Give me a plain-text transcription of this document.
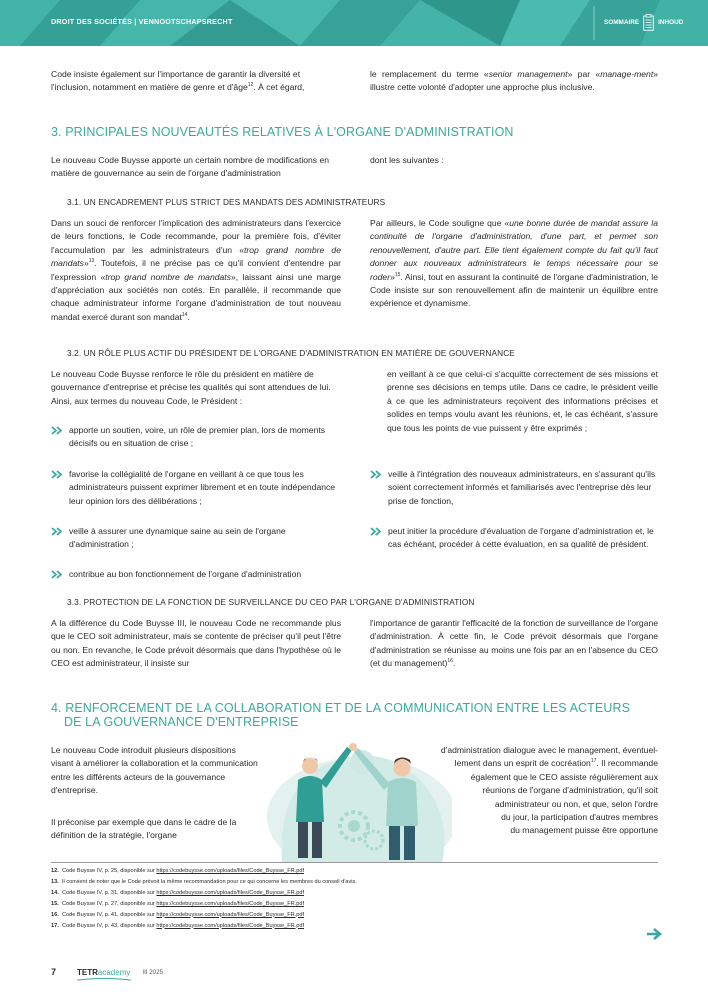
DROIT DES SOCIÉTÉS | VENNOOTSCHAPSRECHT	SOMMAIRE	INHOUD
Code insiste également sur l'importance de garantir la diversité et l'inclusion, notamment en matière de genre et d'âge$^{12}$. À cet égard,
le remplacement du terme «senior management» par «manage-ment» illustre cette volonté d'adopter une approche plus inclusive.
3. PRINCIPALES NOUVEAUTÉS RELATIVES À L'ORGANE D'ADMINISTRATION
Le nouveau Code Buysse apporte un certain nombre de modifications en matière de gouvernance au sein de l'organe d'administration
dont les suivantes :
3.1. UN ENCADREMENT PLUS STRICT DES MANDATS DES ADMINISTRATEURS
Dans un souci de renforcer l'implication des administrateurs dans l'exercice de leurs fonctions, le Code recommande, pour la première fois, d'éviter l'accumulation par les administrateurs d'un «trop grand nombre de mandats»$^{13}$. Toutefois, il ne précise pas ce qu'il convient d'entendre par l'expression «trop grand nombre de mandats», laissant ainsi une marge d'appréciation aux sociétés non cotés. En parallèle, il recommande que chaque administrateur informe l'organe d'administration de tout nouveau mandat exercé durant son mandat$^{14}$.
Par ailleurs, le Code souligne que «une bonne durée de mandat assure la continuité de l'organe d'administration, d'une part, et permet son renouvellement, d'autre part. Elle tient également compte du fait qu'il faut donner aux nouveaux administrateurs le temps nécessaire pour se roder»$^{15}$. Ainsi, tout en assurant la continuité de l'organe d'administration, le Code insiste sur son renouvellement afin de maintenir un équilibre entre expérience et dynamisme.
3.2. UN RÔLE PLUS ACTIF DU PRÉSIDENT DE L'ORGANE D'ADMINISTRATION EN MATIÈRE DE GOUVERNANCE
Le nouveau Code Buysse renforce le rôle du président en matière de gouvernance d'entreprise et précise les qualités qui sont attendues de lui. Ainsi, aux termes du nouveau Code, le Président :
apporte un soutien, voire, un rôle de premier plan, lors de moments décisifs ou en situation de crise ;
favorise la collégialité de l'organe en veillant à ce que tous les administrateurs puissent exprimer librement et en toute indépendance leur opinion lors des délibérations ;
veille à assurer une dynamique saine au sein de l'organe d'administration ;
contribue au bon fonctionnement de l'organe d'administration
en veillant à ce que celui-ci s'acquitte correctement de ses missions et prenne ses décisions en temps utile. Dans ce cadre, le président veille à ce que les administrateurs reçoivent des informations précises et solides en temps voulu avant les réunions, et, le cas échéant, s'assure que tous les points de vue puissent y être exprimés ;
veille à l'intégration des nouveaux administrateurs, en s'assurant qu'ils soient correctement informés et familiarisés avec l'entreprise dès leur prise de fonction,
peut initier la procédure d'évaluation de l'organe d'administration et, le cas échéant, procéder à cette évaluation, en sa qualité de président.
3.3. PROTECTION DE LA FONCTION DE SURVEILLANCE DU CEO PAR L'ORGANE D'ADMINISTRATION
A la différence du Code Buysse III, le nouveau Code ne recommande plus que le CEO soit administrateur, mais se contente de préciser qu'il peut l'être ou non. En revanche, le Code prévoit désormais que dans l'hypothèse où le CEO est administrateur, il insiste sur
l'importance de garantir l'efficacité de la fonction de surveillance de l'organe d'administration. À cette fin, le Code prévoit désormais que l'organe d'administration se réunisse au moins une fois par an en l'absence du CEO (et du management)$^{16}$.
4. RENFORCEMENT DE LA COLLABORATION ET DE LA COMMUNICATION ENTRE LES ACTEURS
DE LA GOUVERNANCE D'ENTREPRISE
Le nouveau Code introduit plusieurs dispositions visant à améliorer la collaboration et la communication entre les différents acteurs de la gouvernance d'entreprise.
Il préconise par exemple que dans le cadre de la définition de la stratégie, l'organe
d'administration dialogue avec le management, éventuel-
lement dans un esprit de cocréation$^{17}$. Il recommande
également que le CEO assiste régulièrement aux
réunions de l'organe d'administration, qu'il soit
administrateur ou non, et que, selon l'ordre
du jour, la participation d'autres membres
du management puisse être opportune
12. Code Buysse IV, p. 25, disponible sur https://codebuysse.com/uploads/files/Code_Buysse_FR.pdf
13. Il convient de noter que le Code prévoit la même recommandation pour ce qui concerne les membres du conseil d'avis.
14. Code Buysse IV, p. 31, disponible sur https://codebuysse.com/uploads/files/Code_Buysse_FR.pdf
15. Code Buysse IV, p. 27, disponible sur https://codebuysse.com/uploads/files/Code_Buysse_FR.pdf
16. Code Buysse IV, p. 41, disponible sur https://codebuysse.com/uploads/files/Code_Buysse_FR.pdf
17. Code Buysse IV, p. 43, disponible sur https://codebuysse.com/uploads/files/Code_Buysse_FR.pdf
7	TETRacademy III 2025
